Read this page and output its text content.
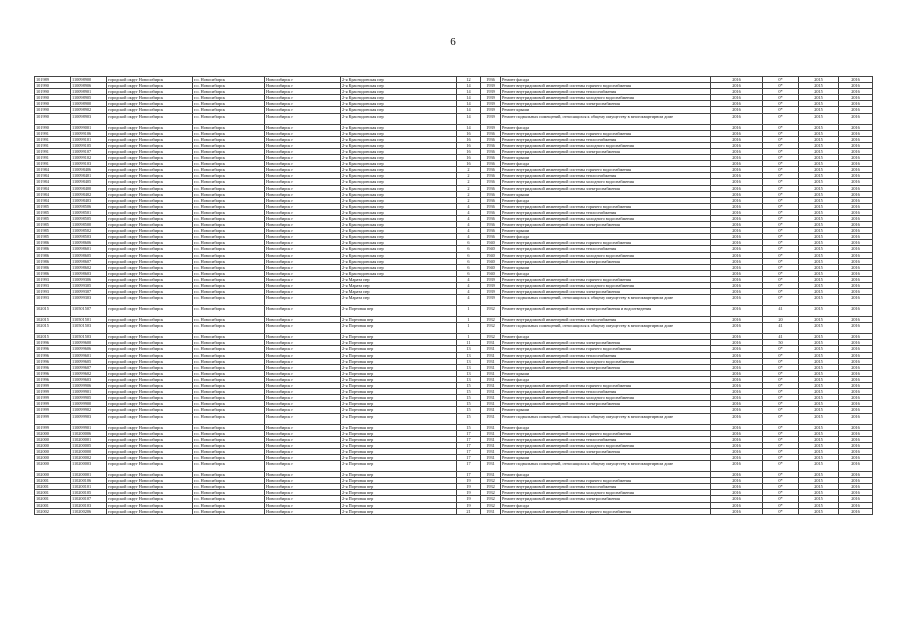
6
101989	110098900	городской округ Новосибирск	г.о. Новосибирск	Новосибирск г	2-я Краснодонская пер	12	1936	Ремонт фасада	2016	0*	2015	2016
101990	110098906	городской округ Новосибирск	г.о. Новосибирск	Новосибирск г	2-я Краснодонская пер	14	1939	Ремонт внутридомовой инженерной системы горячего водоснабжения	2016	0*	2015	2016
101990	110098901	городской округ Новосибирск	г.о. Новосибирск	Новосибирск г	2-я Краснодонская пер	14	1939	Ремонт внутридомовой инженерной системы теплоснабжения	2016	0*	2015	2016
101990	110098905	городской округ Новосибирск	г.о. Новосибирск	Новосибирск г	2-я Краснодонская пер	14	1939	Ремонт внутридомовой инженерной системы холодного водоснабжения	2016	0*	2015	2016
101990	110098900	городской округ Новосибирск	г.о. Новосибирск	Новосибирск г	2-я Краснодонская пер	14	1939	Ремонт внутридомовой инженерной системы электроснабжения	2016	0*	2015	2016
101990	110098902	городской округ Новосибирск	г.о. Новосибирск	Новосибирск г	2-я Краснодонская пер	14	1939	Ремонт крыши	2016	0*	2015	2016
101990	110098903	городской округ Новосибирск	г.о. Новосибирск	Новосибирск г	2-я Краснодонская пер	14	1939	Ремонт подвальных помещений, относящихся к общему имуществу в многоквартирном доме	2016	0*	2015	2016
101990	110099001	городской округ Новосибирск	г.о. Новосибирск	Новосибирск г	2-я Краснодонская пер	14	1939	Ремонт фасада	2016	0*	2015	2016
101991	110099106	городской округ Новосибирск	г.о. Новосибирск	Новосибирск г	2-я Краснодонская пер	16	1936	Ремонт внутридомовой инженерной системы горячего водоснабжения	2016	0*	2015	2016
101991	110099101	городской округ Новосибирск	г.о. Новосибирск	Новосибирск г	2-я Краснодонская пер	16	1936	Ремонт внутридомовой инженерной системы теплоснабжения	2016	0*	2015	2016
101991	110099105	городской округ Новосибирск	г.о. Новосибирск	Новосибирск г	2-я Краснодонская пер	16	1936	Ремонт внутридомовой инженерной системы холодного водоснабжения	2016	0*	2015	2016
101991	110099107	городской округ Новосибирск	г.о. Новосибирск	Новосибирск г	2-я Краснодонская пер	16	1936	Ремонт внутридомовой инженерной системы электроснабжения	2016	0*	2015	2016
101991	110099102	городской округ Новосибирск	г.о. Новосибирск	Новосибирск г	2-я Краснодонская пер	16	1936	Ремонт крыши	2016	0*	2015	2016
101991	110099103	городской округ Новосибирск	г.о. Новосибирск	Новосибирск г	2-я Краснодонская пер	16	1936	Ремонт фасада	2016	0*	2015	2016
101984	110098406	городской округ Новосибирск	г.о. Новосибирск	Новосибирск г	2-я Краснодонская пер	2	1936	Ремонт внутридомовой инженерной системы горячего водоснабжения	2016	0*	2015	2016
101984	110098401	городской округ Новосибирск	г.о. Новосибирск	Новосибирск г	2-я Краснодонская пер	2	1936	Ремонт внутридомовой инженерной системы теплоснабжения	2016	0*	2015	2016
101984	110098405	городской округ Новосибирск	г.о. Новосибирск	Новосибирск г	2-я Краснодонская пер	2	1936	Ремонт внутридомовой инженерной системы холодного водоснабжения	2016	0*	2015	2016
101984	110098400	городской округ Новосибирск	г.о. Новосибирск	Новосибирск г	2-я Краснодонская пер	2	1936	Ремонт внутридомовой инженерной системы электроснабжения	2016	0*	2015	2016
101984	110098402	городской округ Новосибирск	г.о. Новосибирск	Новосибирск г	2-я Краснодонская пер	2	1936	Ремонт крыши	2016	0*	2015	2016
101984	110098403	городской округ Новосибирск	г.о. Новосибирск	Новосибирск г	2-я Краснодонская пер	2	1936	Ремонт фасада	2016	0*	2015	2016
101985	110098506	городской округ Новосибирск	г.о. Новосибирск	Новосибирск г	2-я Краснодонская пер	4	1936	Ремонт внутридомовой инженерной системы горячего водоснабжения	2016	0*	2015	2016
101985	110098501	городской округ Новосибирск	г.о. Новосибирск	Новосибирск г	2-я Краснодонская пер	4	1936	Ремонт внутридомовой инженерной системы теплоснабжения	2016	0*	2015	2016
101985	110098505	городской округ Новосибирск	г.о. Новосибирск	Новосибирск г	2-я Краснодонская пер	4	1936	Ремонт внутридомовой инженерной системы холодного водоснабжения	2016	0*	2015	2016
101985	110098500	городской округ Новосибирск	г.о. Новосибирск	Новосибирск г	2-я Краснодонская пер	4	1936	Ремонт внутридомовой инженерной системы электроснабжения	2016	0*	2015	2016
101985	110098502	городской округ Новосибирск	г.о. Новосибирск	Новосибирск г	2-я Краснодонская пер	4	1936	Ремонт крыши	2016	0*	2015	2016
101985	110098503	городской округ Новосибирск	г.о. Новосибирск	Новосибирск г	2-я Краснодонская пер	4	1936	Ремонт фасада	2016	0*	2015	2016
101986	110098606	городской округ Новосибирск	г.о. Новосибирск	Новосибирск г	2-я Краснодонская пер	6	1940	Ремонт внутридомовой инженерной системы горячего водоснабжения	2016	0*	2015	2016
101986	110098601	городской округ Новосибирск	г.о. Новосибирск	Новосибирск г	2-я Краснодонская пер	6	1940	Ремонт внутридомовой инженерной системы теплоснабжения	2016	0*	2015	2016
101986	110098605	городской округ Новосибирск	г.о. Новосибирск	Новосибирск г	2-я Краснодонская пер	6	1940	Ремонт внутридомовой инженерной системы холодного водоснабжения	2016	0*	2015	2016
101986	110098607	городской округ Новосибирск	г.о. Новосибирск	Новосибирск г	2-я Краснодонская пер	6	1940	Ремонт внутридомовой инженерной системы электроснабжения	2016	0*	2015	2016
101986	110098602	городской округ Новосибирск	г.о. Новосибирск	Новосибирск г	2-я Краснодонская пер	6	1940	Ремонт крыши	2016	0*	2015	2016
101986	110098603	городской округ Новосибирск	г.о. Новосибирск	Новосибирск г	2-я Краснодонская пер	6	1940	Ремонт фасада	2016	0*	2015	2016
101993	110099306	городской округ Новосибирск	г.о. Новосибирск	Новосибирск г	2-я Марата пер	4	1939	Ремонт внутридомовой инженерной системы горячего водоснабжения	2016	0*	2015	2016
101993	110099305	городской округ Новосибирск	г.о. Новосибирск	Новосибирск г	2-я Марата пер	4	1939	Ремонт внутридомовой инженерной системы холодного водоснабжения	2016	0*	2015	2016
101993	110099307	городской округ Новосибирск	г.о. Новосибирск	Новосибирск г	2-я Марата пер	4	1939	Ремонт внутридомовой инженерной системы электроснабжения	2016	0*	2015	2016
101993	110099303	городской округ Новосибирск	г.о. Новосибирск	Новосибирск г	2-я Марата пер	4	1939	Ремонт подвальных помещений, относящихся к общему имуществу в многоквартирном доме	2016	0*	2015	2016
102015	110501507	городской округ Новосибирск	г.о. Новосибирск	Новосибирск г	2-я Портовая пер	1	1932	Ремонт внутридомовой инженерной системы электроснабжения и водоотведения	2016	41	2015	2016
102015	110501501	городской округ Новосибирск	г.о. Новосибирск	Новосибирск г	2-я Портовая пер	1	1932	Ремонт внутридомовой инженерной системы теплоснабжения	2016	20	2015	2016
102015	110501503	городской округ Новосибирск	г.о. Новосибирск	Новосибирск г	2-я Портовая пер	1	1932	Ремонт подвальных помещений, относящихся к общему имуществу в многоквартирном доме	2016	41	2015	2016
102015	110501503	городской округ Новосибирск	г.о. Новосибирск	Новосибирск г	2-я Портовая пер	1	1932	Ремонт фасада	2016	41	2015	2016
101996	110099600	городской округ Новосибирск	г.о. Новосибирск	Новосибирск г	2-я Портовая пер	11	1931	Ремонт внутридомовой инженерной системы электроснабжения	2016	50	2015	2016
101996	110099606	городской округ Новосибирск	г.о. Новосибирск	Новосибирск г	2-я Портовая пер	13	1931	Ремонт внутридомовой инженерной системы горячего водоснабжения	2016	0*	2015	2016
101996	110099601	городской округ Новосибирск	г.о. Новосибирск	Новосибирск г	2-я Портовая пер	13	1931	Ремонт внутридомовой инженерной системы теплоснабжения	2016	0*	2015	2016
101996	110099605	городской округ Новосибирск	г.о. Новосибирск	Новосибирск г	2-я Портовая пер	13	1931	Ремонт внутридомовой инженерной системы холодного водоснабжения	2016	0*	2015	2016
101996	110099607	городской округ Новосибирск	г.о. Новосибирск	Новосибирск г	2-я Портовая пер	13	1931	Ремонт внутридомовой инженерной системы электроснабжения	2016	0*	2015	2016
101996	110099602	городской округ Новосибирск	г.о. Новосибирск	Новосибирск г	2-я Портовая пер	13	1931	Ремонт крыши	2016	0*	2015	2016
101996	110099603	городской округ Новосибирск	г.о. Новосибирск	Новосибирск г	2-я Портовая пер	13	1931	Ремонт фасада	2016	0*	2015	2016
101999	110099906	городской округ Новосибирск	г.о. Новосибирск	Новосибирск г	2-я Портовая пер	15	1931	Ремонт внутридомовой инженерной системы горячего водоснабжения	2016	0*	2015	2016
101999	110099901	городской округ Новосибирск	г.о. Новосибирск	Новосибирск г	2-я Портовая пер	15	1931	Ремонт внутридомовой инженерной системы теплоснабжения	2016	0*	2015	2016
101999	110099905	городской округ Новосибирск	г.о. Новосибирск	Новосибирск г	2-я Портовая пер	15	1931	Ремонт внутридомовой инженерной системы холодного водоснабжения	2016	0*	2015	2016
101999	110099900	городской округ Новосибирск	г.о. Новосибирск	Новосибирск г	2-я Портовая пер	15	1931	Ремонт внутридомовой инженерной системы электроснабжения	2016	0*	2015	2016
101999	110099902	городской округ Новосибирск	г.о. Новосибирск	Новосибирск г	2-я Портовая пер	15	1931	Ремонт крыши	2016	0*	2015	2016
101999	110099903	городской округ Новосибирск	г.о. Новосибирск	Новосибирск г	2-я Портовая пер	15	1931	Ремонт подвальных помещений, относящихся к общему имуществу в многоквартирном доме	2016	0*	2015	2016
101999	110099901	городской округ Новосибирск	г.о. Новосибирск	Новосибирск г	2-я Портовая пер	15	1931	Ремонт фасада	2016	0*	2015	2016
102000	110200006	городской округ Новосибирск	г.о. Новосибирск	Новосибирск г	2-я Портовая пер	17	1931	Ремонт внутридомовой инженерной системы горячего водоснабжения	2016	0*	2015	2016
102000	110200001	городской округ Новосибирск	г.о. Новосибирск	Новосибирск г	2-я Портовая пер	17	1931	Ремонт внутридомовой инженерной системы теплоснабжения	2016	0*	2015	2016
102000	110200005	городской округ Новосибирск	г.о. Новосибирск	Новосибирск г	2-я Портовая пер	17	1931	Ремонт внутридомовой инженерной системы холодного водоснабжения	2016	0*	2015	2016
102000	110200000	городской округ Новосибирск	г.о. Новосибирск	Новосибирск г	2-я Портовая пер	17	1931	Ремонт внутридомовой инженерной системы электроснабжения	2016	0*	2015	2016
102000	110200002	городской округ Новосибирск	г.о. Новосибирск	Новосибирск г	2-я Портовая пер	17	1931	Ремонт крыши	2016	0*	2015	2016
102000	110200003	городской округ Новосибирск	г.о. Новосибирск	Новосибирск г	2-я Портовая пер	17	1931	Ремонт подвальных помещений, относящихся к общему имуществу в многоквартирном доме	2016	0*	2015	2016
102000	110200001	городской округ Новосибирск	г.о. Новосибирск	Новосибирск г	2-я Портовая пер	17	1931	Ремонт фасада	2016	0*	2015	2016
102001	110200106	городской округ Новосибирск	г.о. Новосибирск	Новосибирск г	2-я Портовая пер	19	1932	Ремонт внутридомовой инженерной системы горячего водоснабжения	2016	0*	2015	2016
102001	110200101	городской округ Новосибирск	г.о. Новосибирск	Новосибирск г	2-я Портовая пер	19	1932	Ремонт внутридомовой инженерной системы теплоснабжения	2016	0*	2015	2016
102001	110200105	городской округ Новосибирск	г.о. Новосибирск	Новосибирск г	2-я Портовая пер	19	1932	Ремонт внутридомовой инженерной системы холодного водоснабжения	2016	0*	2015	2016
102001	110200107	городской округ Новосибирск	г.о. Новосибирск	Новосибирск г	2-я Портовая пер	19	1932	Ремонт внутридомовой инженерной системы электроснабжения	2016	0*	2015	2016
102001	110200103	городской округ Новосибирск	г.о. Новосибирск	Новосибирск г	2-я Портовая пер	19	1932	Ремонт фасада	2016	0*	2015	2016
102002	110200206	городской округ Новосибирск	г.о. Новосибирск	Новосибирск г	2-я Портовая пер	21	1931	Ремонт внутридомовой инженерной системы горячего водоснабжения	2016	0*	2015	2016
